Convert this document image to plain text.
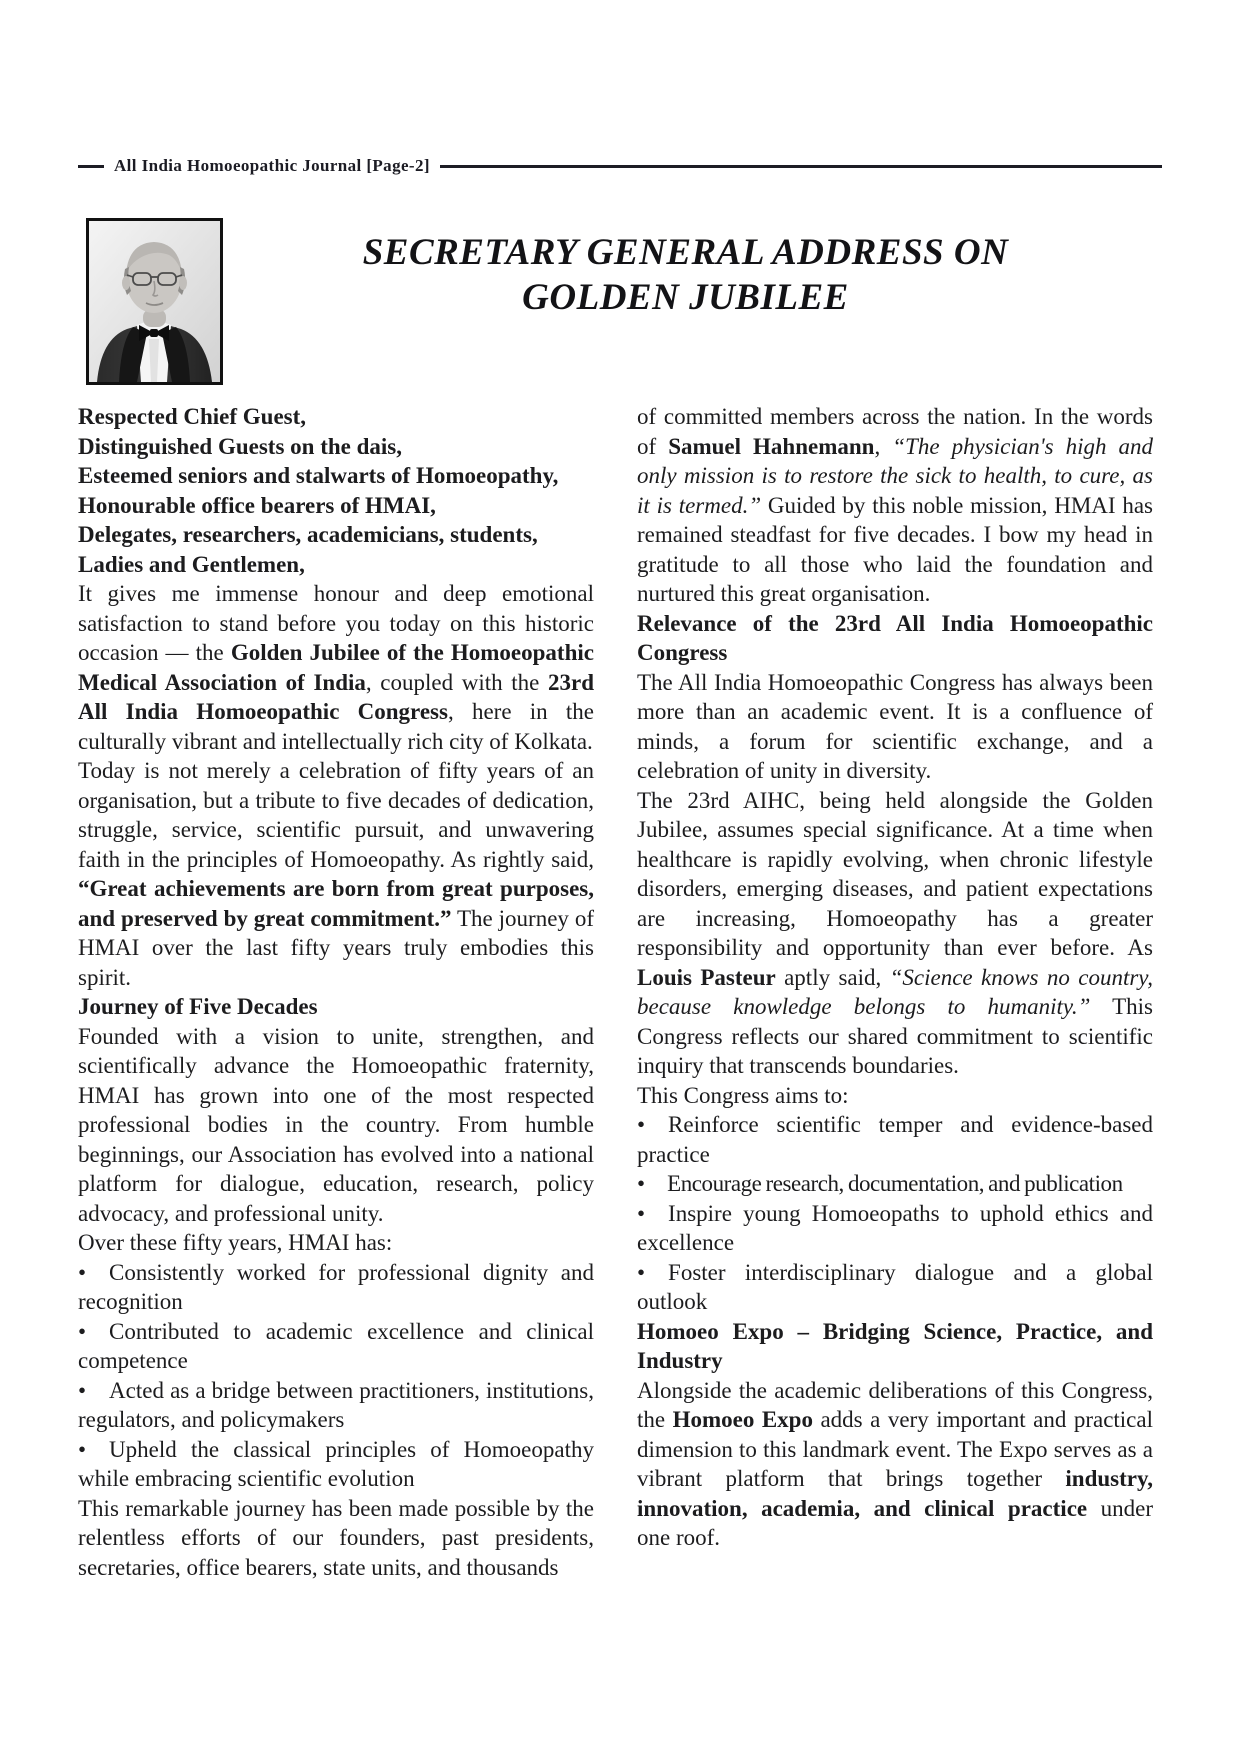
All India Homoeopathic Journal [Page-2]
SECRETARY GENERAL ADDRESS ON
GOLDEN JUBILEE

Respected Chief Guest,

Distinguished Guests on the dais,

Esteemed seniors and stalwarts of Homoeopathy,

Honourable office bearers of HMAI,

Delegates, researchers, academicians, students,

Ladies and Gentlemen,

It gives me immense honour and deep emotional satisfaction to stand before you today on this historic occasion — the Golden Jubilee of the Homoeopathic Medical Association of India, coupled with the 23rd All India Homoeopathic Congress, here in the culturally vibrant and intellectually rich city of Kolkata.

Today is not merely a celebration of fifty years of an organisation, but a tribute to five decades of dedication, struggle, service, scientific pursuit, and unwavering faith in the principles of Homoeopathy. As rightly said, “Great achievements are born from great purposes, and preserved by great commitment.” The journey of HMAI over the last fifty years truly embodies this spirit.

Journey of Five Decades

Founded with a vision to unite, strengthen, and scientifically advance the Homoeopathic fraternity, HMAI has grown into one of the most respected professional bodies in the country. From humble beginnings, our Association has evolved into a national platform for dialogue, education, research, policy advocacy, and professional unity.

Over these fifty years, HMAI has:

• Consistently worked for professional dignity and recognition

• Contributed to academic excellence and clinical competence

• Acted as a bridge between practitioners, institutions, regulators, and policymakers

• Upheld the classical principles of Homoeopathy while embracing scientific evolution

This remarkable journey has been made possible by the relentless efforts of our founders, past presidents, secretaries, office bearers, state units, and thousands

of committed members across the nation. In the words of Samuel Hahnemann, “The physician's high and only mission is to restore the sick to health, to cure, as it is termed.” Guided by this noble mission, HMAI has remained steadfast for five decades. I bow my head in gratitude to all those who laid the foundation and nurtured this great organisation.

Relevance of the 23rd All India Homoeopathic Congress

The All India Homoeopathic Congress has always been more than an academic event. It is a confluence of minds, a forum for scientific exchange, and a celebration of unity in diversity.

The 23rd AIHC, being held alongside the Golden Jubilee, assumes special significance. At a time when healthcare is rapidly evolving, when chronic lifestyle disorders, emerging diseases, and patient expectations are increasing, Homoeopathy has a greater responsibility and opportunity than ever before. As Louis Pasteur aptly said, “Science knows no country, because knowledge belongs to humanity.” This Congress reflects our shared commitment to scientific inquiry that transcends boundaries.

This Congress aims to:

• Reinforce scientific temper and evidence-based practice

• Encourage research, documentation, and publication

• Inspire young Homoeopaths to uphold ethics and excellence

• Foster interdisciplinary dialogue and a global outlook

Homoeo Expo – Bridging Science, Practice, and Industry

Alongside the academic deliberations of this Congress, the Homoeo Expo adds a very important and practical dimension to this landmark event. The Expo serves as a vibrant platform that brings together industry, innovation, academia, and clinical practice under one roof.
